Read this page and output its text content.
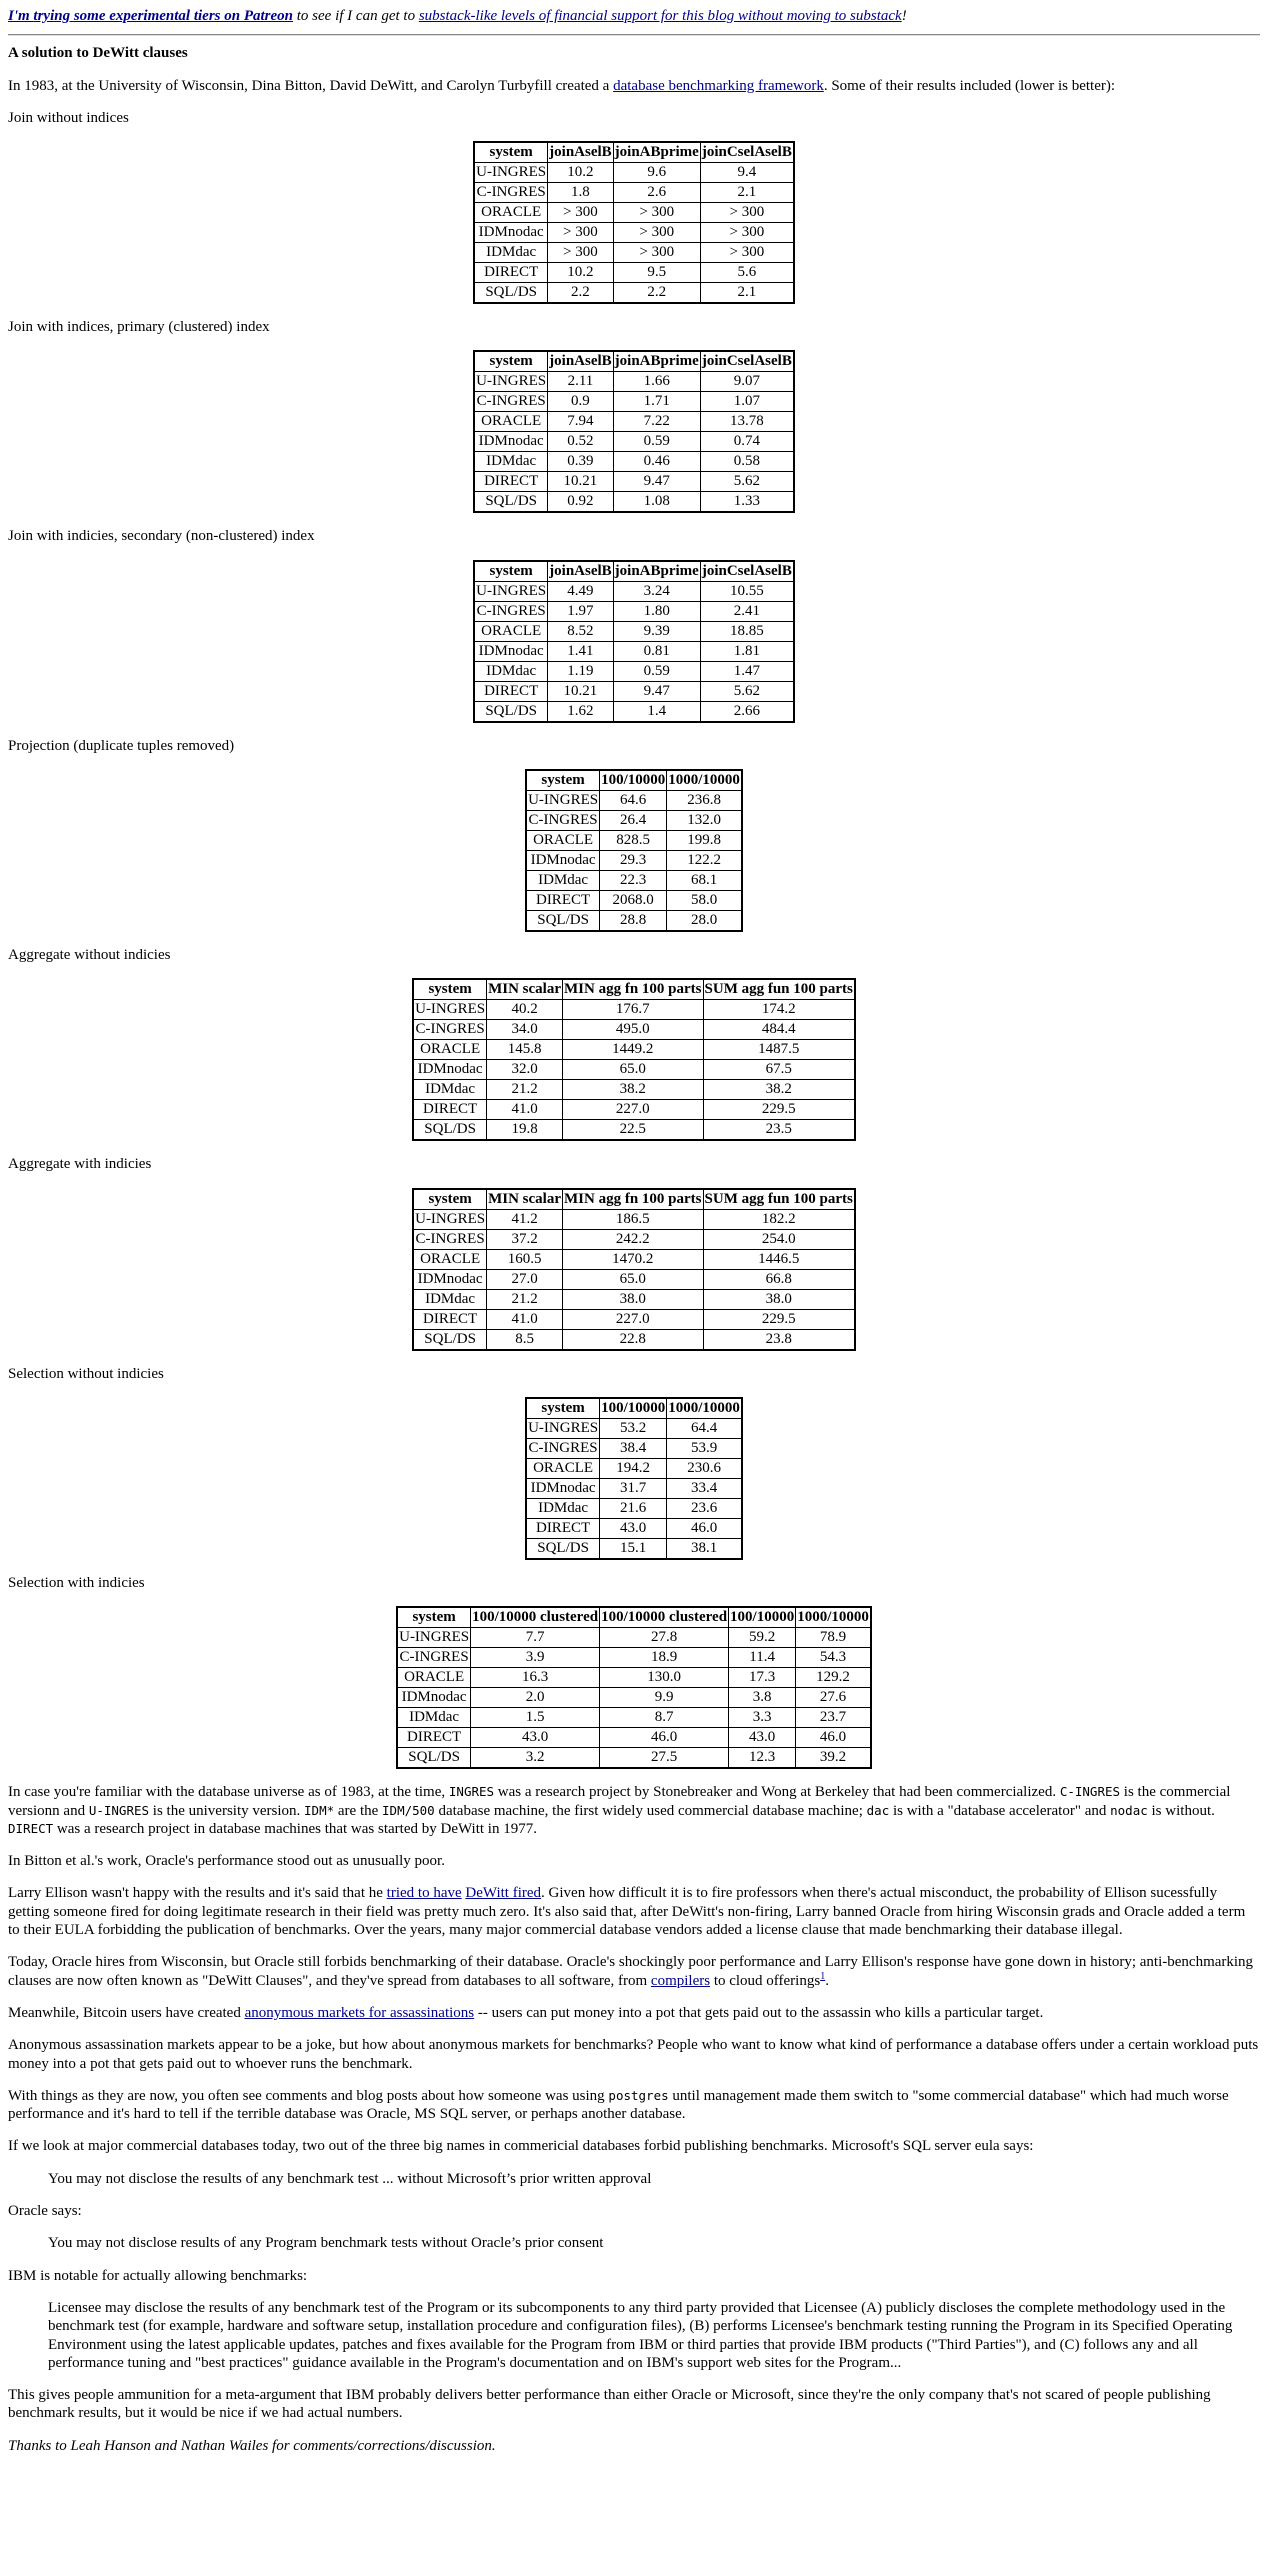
I'm trying some experimental tiers on Patreon to see if I can get to substack-like levels of financial support for this blog without moving to substack!
A solution to DeWitt clauses

In 1983, at the University of Wisconsin, Dina Bitton, David DeWitt, and Carolyn Turbyfill created a database benchmarking framework. Some of their results included (lower is better):

Join without indices
system	joinAselB	joinABprime	joinCselAselB
U-INGRES	10.2	9.6	9.4
C-INGRES	1.8	2.6	2.1
ORACLE	> 300	> 300	> 300
IDMnodac	> 300	> 300	> 300
IDMdac	> 300	> 300	> 300
DIRECT	10.2	9.5	5.6
SQL/DS	2.2	2.2	2.1
Join with indices, primary (clustered) index
system	joinAselB	joinABprime	joinCselAselB
U-INGRES	2.11	1.66	9.07
C-INGRES	0.9	1.71	1.07
ORACLE	7.94	7.22	13.78
IDMnodac	0.52	0.59	0.74
IDMdac	0.39	0.46	0.58
DIRECT	10.21	9.47	5.62
SQL/DS	0.92	1.08	1.33
Join with indicies, secondary (non-clustered) index
system	joinAselB	joinABprime	joinCselAselB
U-INGRES	4.49	3.24	10.55
C-INGRES	1.97	1.80	2.41
ORACLE	8.52	9.39	18.85
IDMnodac	1.41	0.81	1.81
IDMdac	1.19	0.59	1.47
DIRECT	10.21	9.47	5.62
SQL/DS	1.62	1.4	2.66
Projection (duplicate tuples removed)
system	100/10000	1000/10000
U-INGRES	64.6	236.8
C-INGRES	26.4	132.0
ORACLE	828.5	199.8
IDMnodac	29.3	122.2
IDMdac	22.3	68.1
DIRECT	2068.0	58.0
SQL/DS	28.8	28.0
Aggregate without indicies
system	MIN scalar	MIN agg fn 100 parts	SUM agg fun 100 parts
U-INGRES	40.2	176.7	174.2
C-INGRES	34.0	495.0	484.4
ORACLE	145.8	1449.2	1487.5
IDMnodac	32.0	65.0	67.5
IDMdac	21.2	38.2	38.2
DIRECT	41.0	227.0	229.5
SQL/DS	19.8	22.5	23.5
Aggregate with indicies
system	MIN scalar	MIN agg fn 100 parts	SUM agg fun 100 parts
U-INGRES	41.2	186.5	182.2
C-INGRES	37.2	242.2	254.0
ORACLE	160.5	1470.2	1446.5
IDMnodac	27.0	65.0	66.8
IDMdac	21.2	38.0	38.0
DIRECT	41.0	227.0	229.5
SQL/DS	8.5	22.8	23.8
Selection without indicies
system	100/10000	1000/10000
U-INGRES	53.2	64.4
C-INGRES	38.4	53.9
ORACLE	194.2	230.6
IDMnodac	31.7	33.4
IDMdac	21.6	23.6
DIRECT	43.0	46.0
SQL/DS	15.1	38.1
Selection with indicies
system	100/10000 clustered	100/10000 clustered	100/10000	1000/10000
U-INGRES	7.7	27.8	59.2	78.9
C-INGRES	3.9	18.9	11.4	54.3
ORACLE	16.3	130.0	17.3	129.2
IDMnodac	2.0	9.9	3.8	27.6
IDMdac	1.5	8.7	3.3	23.7
DIRECT	43.0	46.0	43.0	46.0
SQL/DS	3.2	27.5	12.3	39.2

In case you're familiar with the database universe as of 1983, at the time, INGRES was a research project by Stonebreaker and Wong at Berkeley that had been commercialized. C-INGRES is the commercial versionn and U-INGRES is the university version. IDM* are the IDM/500 database machine, the first widely used commercial database machine; dac is with a "database accelerator" and nodac is without. DIRECT was a research project in database machines that was started by DeWitt in 1977.

In Bitton et al.'s work, Oracle's performance stood out as unusually poor.

Larry Ellison wasn't happy with the results and it's said that he tried to have DeWitt fired. Given how difficult it is to fire professors when there's actual misconduct, the probability of Ellison sucessfully getting someone fired for doing legitimate research in their field was pretty much zero. It's also said that, after DeWitt's non-firing, Larry banned Oracle from hiring Wisconsin grads and Oracle added a term to their EULA forbidding the publication of benchmarks. Over the years, many major commercial database vendors added a license clause that made benchmarking their database illegal.

Today, Oracle hires from Wisconsin, but Oracle still forbids benchmarking of their database. Oracle's shockingly poor performance and Larry Ellison's response have gone down in history; anti-benchmarking clauses are now often known as "DeWitt Clauses", and they've spread from databases to all software, from compilers to cloud offerings$^1$.

Meanwhile, Bitcoin users have created anonymous markets for assassinations -- users can put money into a pot that gets paid out to the assassin who kills a particular target.

Anonymous assassination markets appear to be a joke, but how about anonymous markets for benchmarks? People who want to know what kind of performance a database offers under a certain workload puts money into a pot that gets paid out to whoever runs the benchmark.

With things as they are now, you often see comments and blog posts about how someone was using postgres until management made them switch to "some commercial database" which had much worse performance and it's hard to tell if the terrible database was Oracle, MS SQL server, or perhaps another database.

If we look at major commercial databases today, two out of the three big names in commericial databases forbid publishing benchmarks. Microsoft's SQL server eula says:

You may not disclose the results of any benchmark test ... without Microsoft’s prior written approval

Oracle says:

You may not disclose results of any Program benchmark tests without Oracle’s prior consent

IBM is notable for actually allowing benchmarks:

Licensee may disclose the results of any benchmark test of the Program or its subcomponents to any third party provided that Licensee (A) publicly discloses the complete methodology used in the benchmark test (for example, hardware and software setup, installation procedure and configuration files), (B) performs Licensee's benchmark testing running the Program in its Specified Operating Environment using the latest applicable updates, patches and fixes available for the Program from IBM or third parties that provide IBM products ("Third Parties"), and (C) follows any and all performance tuning and "best practices" guidance available in the Program's documentation and on IBM's support web sites for the Program...

This gives people ammunition for a meta-argument that IBM probably delivers better performance than either Oracle or Microsoft, since they're the only company that's not scared of people publishing benchmark results, but it would be nice if we had actual numbers.

Thanks to Leah Hanson and Nathan Wailes for comments/corrections/discussion.
